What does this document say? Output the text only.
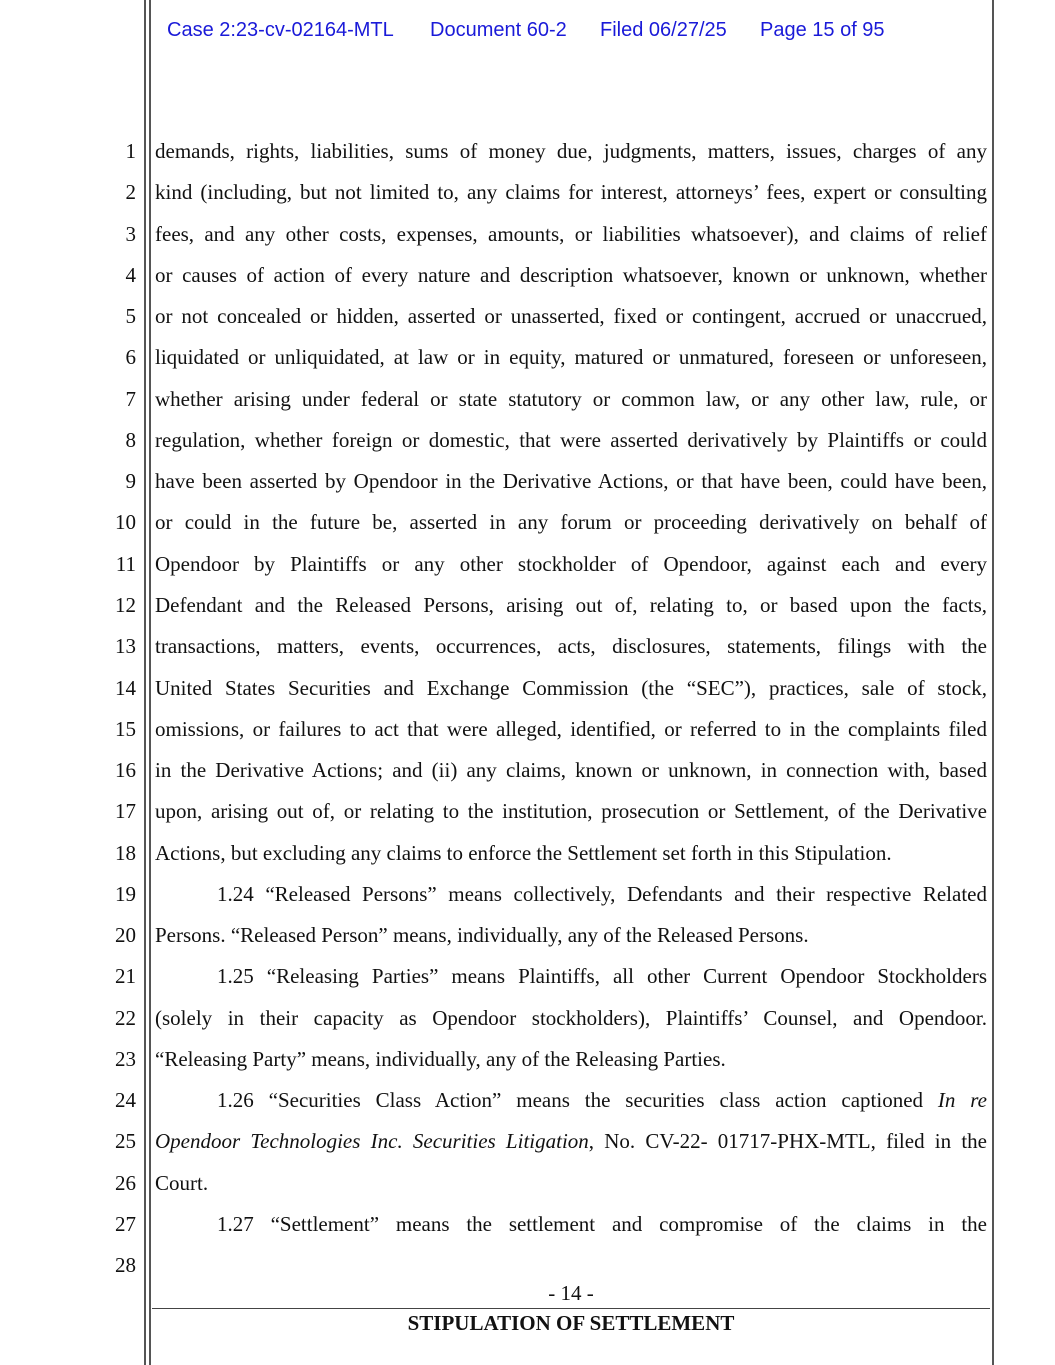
Case 2:23-cv-02164-MTL Document 60-2 Filed 06/27/25 Page 15 of 95
1
2
3
4
5
6
7
8
9
10
11
12
13
14
15
16
17
18
19
20
21
22
23
24
25
26
27
28
demands, rights, liabilities, sums of money due, judgments, matters, issues, charges of any
kind (including, but not limited to, any claims for interest, attorneys’ fees, expert or consulting
fees, and any other costs, expenses, amounts, or liabilities whatsoever), and claims of relief
or causes of action of every nature and description whatsoever, known or unknown, whether
or not concealed or hidden, asserted or unasserted, fixed or contingent, accrued or unaccrued,
liquidated or unliquidated, at law or in equity, matured or unmatured, foreseen or unforeseen,
whether arising under federal or state statutory or common law, or any other law, rule, or
regulation, whether foreign or domestic, that were asserted derivatively by Plaintiffs or could
have been asserted by Opendoor in the Derivative Actions, or that have been, could have been,
or could in the future be, asserted in any forum or proceeding derivatively on behalf of
Opendoor by Plaintiffs or any other stockholder of Opendoor, against each and every
Defendant and the Released Persons, arising out of, relating to, or based upon the facts,
transactions, matters, events, occurrences, acts, disclosures, statements, filings with the
United States Securities and Exchange Commission (the “SEC”), practices, sale of stock,
omissions, or failures to act that were alleged, identified, or referred to in the complaints filed
in the Derivative Actions; and (ii) any claims, known or unknown, in connection with, based
upon, arising out of, or relating to the institution, prosecution or Settlement, of the Derivative
Actions, but excluding any claims to enforce the Settlement set forth in this Stipulation.
1.24 “Released Persons” means collectively, Defendants and their respective Related
Persons. “Released Person” means, individually, any of the Released Persons.
1.25 “Releasing Parties” means Plaintiffs, all other Current Opendoor Stockholders
(solely in their capacity as Opendoor stockholders), Plaintiffs’ Counsel, and Opendoor.
“Releasing Party” means, individually, any of the Releasing Parties.
1.26 “Securities Class Action” means the securities class action captioned In re
Opendoor Technologies Inc. Securities Litigation, No. CV-22- 01717-PHX-MTL, filed in the
Court.
1.27 “Settlement” means the settlement and compromise of the claims in the
- 14 -
STIPULATION OF SETTLEMENT
